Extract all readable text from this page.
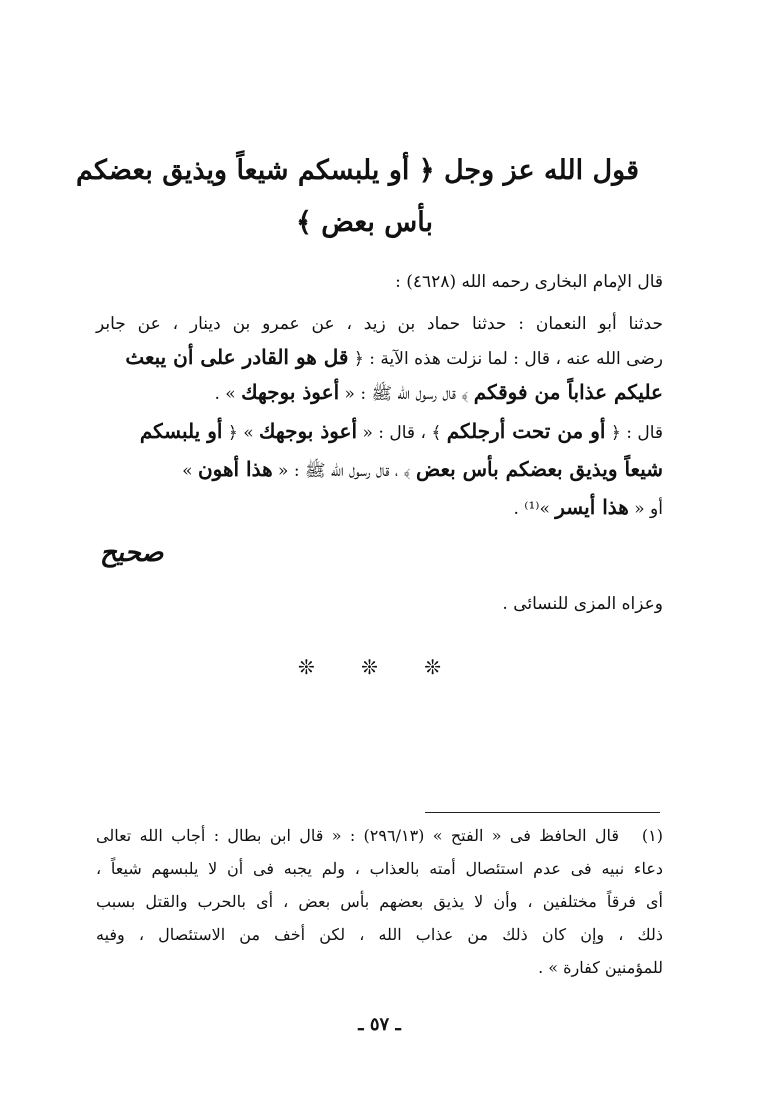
قول الله عز وجل ﴿ أو يلبسكم شيعاً ويذيق بعضكم
بأس بعض ﴾
قال الإمام البخارى رحمه الله (٤٦٢٨) :
حدثنا أبو النعمان : حدثنا حماد بن زيد ، عن عمرو بن دينار ، عن جابر
رضى الله عنه ، قال : لما نزلت هذه الآية : ﴿ قل هو القادر على أن يبعث
عليكم عذاباً من فوقكم ﴾ قال رسول الله ﷺ : « أعوذ بوجهك » .
قال : ﴿ أو من تحت أرجلكم ﴾ ، قال : « أعوذ بوجهك » ﴿ أو يلبسكم
شيعاً ويذيق بعضكم بأس بعض ﴾ ، قال رسول الله ﷺ : « هذا أهون »
أو « هذا أيسر »⁽¹⁾ .
صحيح
وعزاه المزى للنسائى .
❊ ❊ ❊
قال الحافظ فى « الفتح » (٢٩٦/١٣) : « قال ابن بطال : أجاب الله تعالى (١)
دعاء نبيه فى عدم استئصال أمته بالعذاب ، ولم يجبه فى أن لا يلبسهم شيعاً ،
أى فرقاً مختلفين ، وأن لا يذيق بعضهم بأس بعض ، أى بالحرب والقتل بسبب
ذلك ، وإن كان ذلك من عذاب الله ، لكن أخف من الاستئصال ، وفيه
للمؤمنين كفارة » .
ـ ٥٧ ـ
